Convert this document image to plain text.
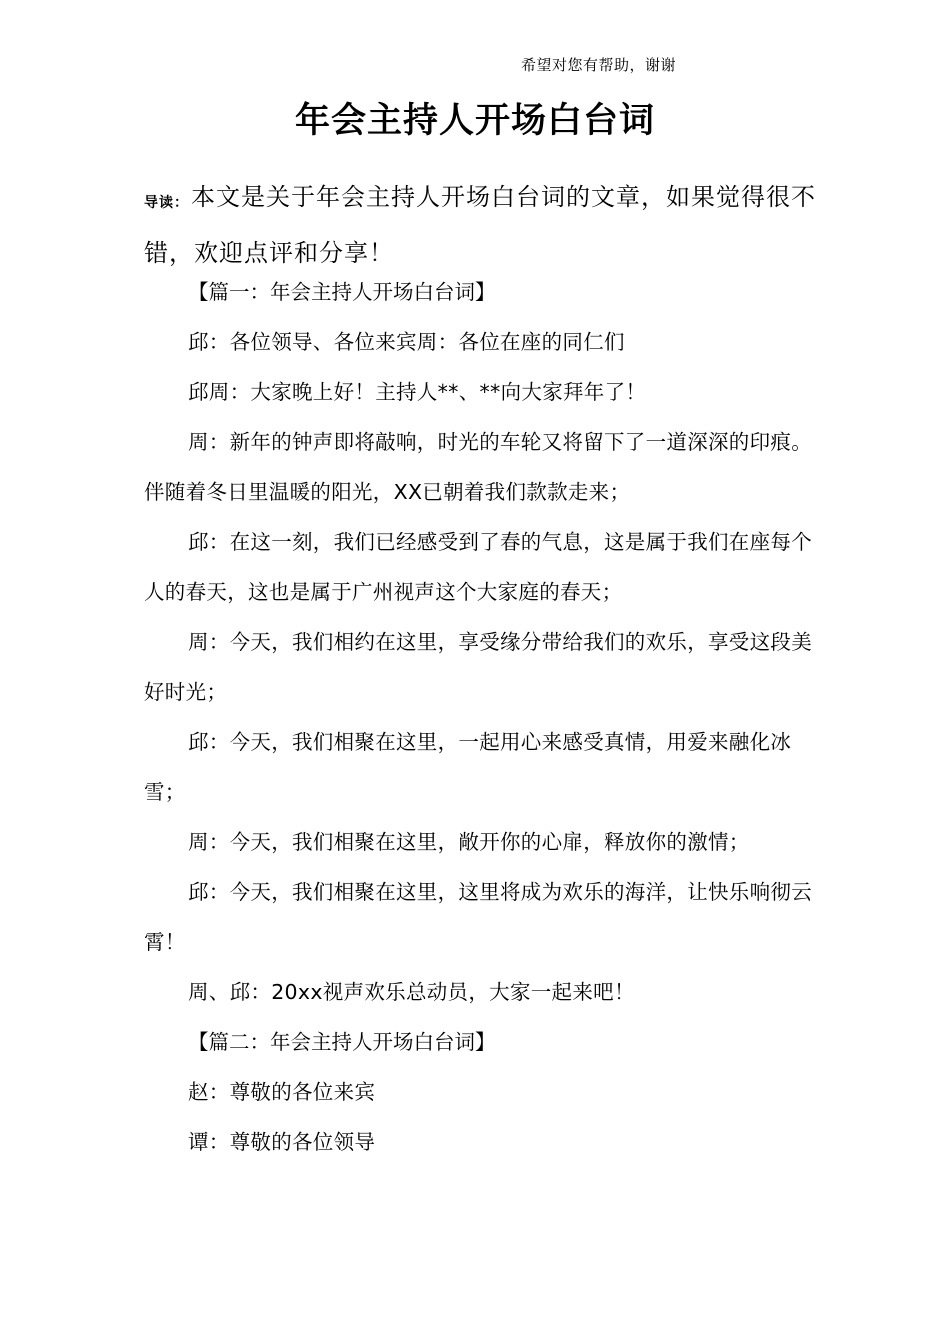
希望对您有帮助，谢谢
年会主持人开场白台词
导读：本文是关于年会主持人开场白台词的文章，如果觉得很不错，欢迎点评和分享！

【篇一：年会主持人开场白台词】

邱：各位领导、各位来宾周：各位在座的同仁们

邱周：大家晚上好！主持人**、**向大家拜年了！

周：新年的钟声即将敲响，时光的车轮又将留下了一道深深的印痕。伴随着冬日里温暖的阳光，XX已朝着我们款款走来；

邱：在这一刻，我们已经感受到了春的气息，这是属于我们在座每个人的春天，这也是属于广州视声这个大家庭的春天；

周：今天，我们相约在这里，享受缘分带给我们的欢乐，享受这段美好时光；

邱：今天，我们相聚在这里，一起用心来感受真情，用爱来融化冰雪；

周：今天，我们相聚在这里，敞开你的心扉，释放你的激情；

邱：今天，我们相聚在这里，这里将成为欢乐的海洋，让快乐响彻云霄！

周、邱：20xx视声欢乐总动员，大家一起来吧！

【篇二：年会主持人开场白台词】

赵：尊敬的各位来宾

谭：尊敬的各位领导
